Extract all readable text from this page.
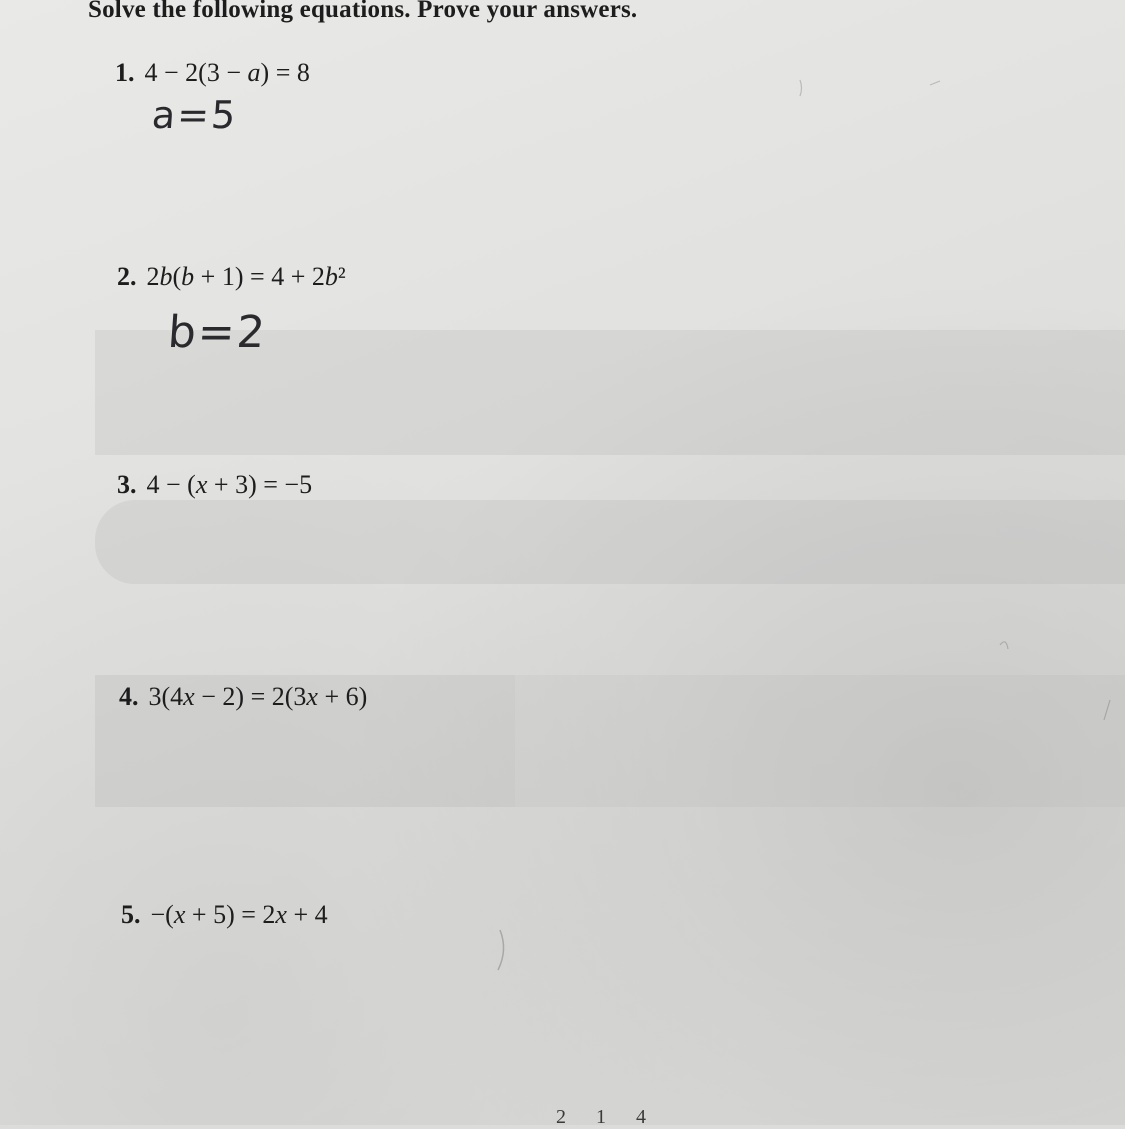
Solve the following equations. Prove your answers.
1. 4 − 2(3 − a) = 8
a=5
2. 2b(b + 1) = 4 + 2b²
b=2
3. 4 − (x + 3) = −5
4. 3(4x − 2) = 2(3x + 6)
5. −(x + 5) = 2x + 4
214
